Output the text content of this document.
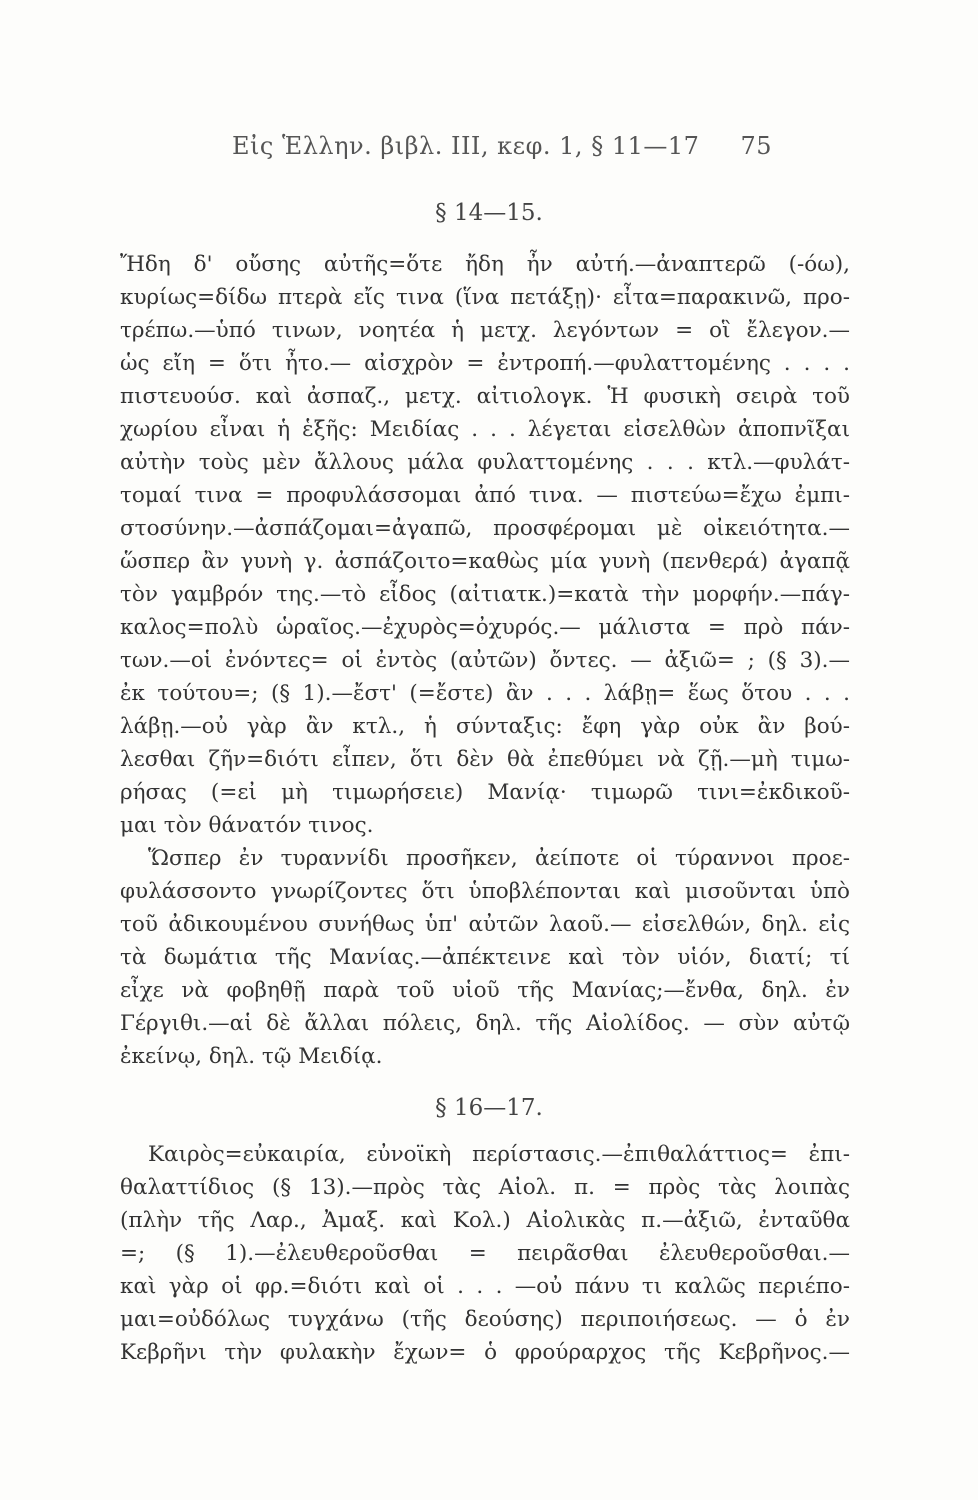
Εἰς Ἑλλην. βιβλ. III, κεφ. 1, § 11—17 75
§ 14—15.
Ἤδη δ' οὔσης αὐτῆς=ὅτε ἤδη ἦν αὐτή.—ἀναπτερῶ (-όω),
κυρίως=δίδω πτερὰ εἴς τινα (ἵνα πετάξῃ)· εἶτα=παρακινῶ, προ-
τρέπω.—ὑπό τινων, νοητέα ἡ μετχ. λεγόντων = οἳ ἔλεγον.—
ὡς εἴη = ὅτι ἦτο.— αἰσχρὸν = ἐντροπή.—φυλαττομένης . . . .
πιστευούσ. καὶ ἀσπαζ., μετχ. αἰτιολογκ. Ἡ φυσικὴ σειρὰ τοῦ
χωρίου εἶναι ἡ ἑξῆς: Μειδίας . . . λέγεται εἰσελθὼν ἀποπνῖξαι
αὐτὴν τοὺς μὲν ἄλλους μάλα φυλαττομένης . . . κτλ.—φυλάτ-
τομαί τινα = προφυλάσσομαι ἀπό τινα. — πιστεύω=ἔχω ἐμπι-
στοσύνην.—ἀσπάζομαι=ἀγαπῶ, προσφέρομαι μὲ οἰκειότητα.—
ὥσπερ ἂν γυνὴ γ. ἀσπάζοιτο=καθὼς μία γυνὴ (πενθερά) ἀγαπᾷ
τὸν γαμβρόν της.—τὸ εἶδος (αἰτιατκ.)=κατὰ τὴν μορφήν.—πάγ-
καλος=πολὺ ὡραῖος.—ἐχυρὸς=ὀχυρός.— μάλιστα = πρὸ πάν-
των.—οἱ ἐνόντες= οἱ ἐντὸς (αὐτῶν) ὄντες. — ἀξιῶ= ; (§ 3).—
ἐκ τούτου=; (§ 1).—ἔστ' (=ἔστε) ἂν . . . λάβῃ= ἕως ὅτου . . .
λάβῃ.—οὐ γὰρ ἂν κτλ., ἡ σύνταξις: ἔφη γὰρ οὐκ ἂν βού-
λεσθαι ζῆν=διότι εἶπεν, ὅτι δὲν θὰ ἐπεθύμει νὰ ζῇ.—μὴ τιμω-
ρήσας (=εἰ μὴ τιμωρήσειε) Μανίᾳ· τιμωρῶ τινι=ἐκδικοῦ-
μαι τὸν θάνατόν τινος.
Ὥσπερ ἐν τυραννίδι προσῆκεν, ἀείποτε οἱ τύραννοι προε-
φυλάσσοντο γνωρίζοντες ὅτι ὑποβλέπονται καὶ μισοῦνται ὑπὸ
τοῦ ἀδικουμένου συνήθως ὑπ' αὐτῶν λαοῦ.— εἰσελθών, δηλ. εἰς
τὰ δωμάτια τῆς Μανίας.—ἀπέκτεινε καὶ τὸν υἱόν, διατί; τί
εἶχε νὰ φοβηθῇ παρὰ τοῦ υἱοῦ τῆς Μανίας;—ἔνθα, δηλ. ἐν
Γέργιθι.—αἱ δὲ ἄλλαι πόλεις, δηλ. τῆς Αἰολίδος. — σὺν αὐτῷ
ἐκείνῳ, δηλ. τῷ Μειδίᾳ.
§ 16—17.
Καιρὸς=εὐκαιρία, εὐνοϊκὴ περίστασις.—ἐπιθαλάττιος= ἐπι-
θαλαττίδιος (§ 13).—πρὸς τὰς Αἰολ. π. = πρὸς τὰς λοιπὰς
(πλὴν τῆς Λαρ., Ἀμαξ. καὶ Κολ.) Αἰολικὰς π.—ἀξιῶ, ἐνταῦθα
=; (§ 1).—ἐλευθεροῦσθαι = πειρᾶσθαι ἐλευθεροῦσθαι.—
καὶ γὰρ οἱ φρ.=διότι καὶ οἱ . . . —οὐ πάνυ τι καλῶς περιέπο-
μαι=οὐδόλως τυγχάνω (τῆς δεούσης) περιποιήσεως. — ὁ ἐν
Κεβρῆνι τὴν φυλακὴν ἔχων= ὁ φρούραρχος τῆς Κεβρῆνος.—
